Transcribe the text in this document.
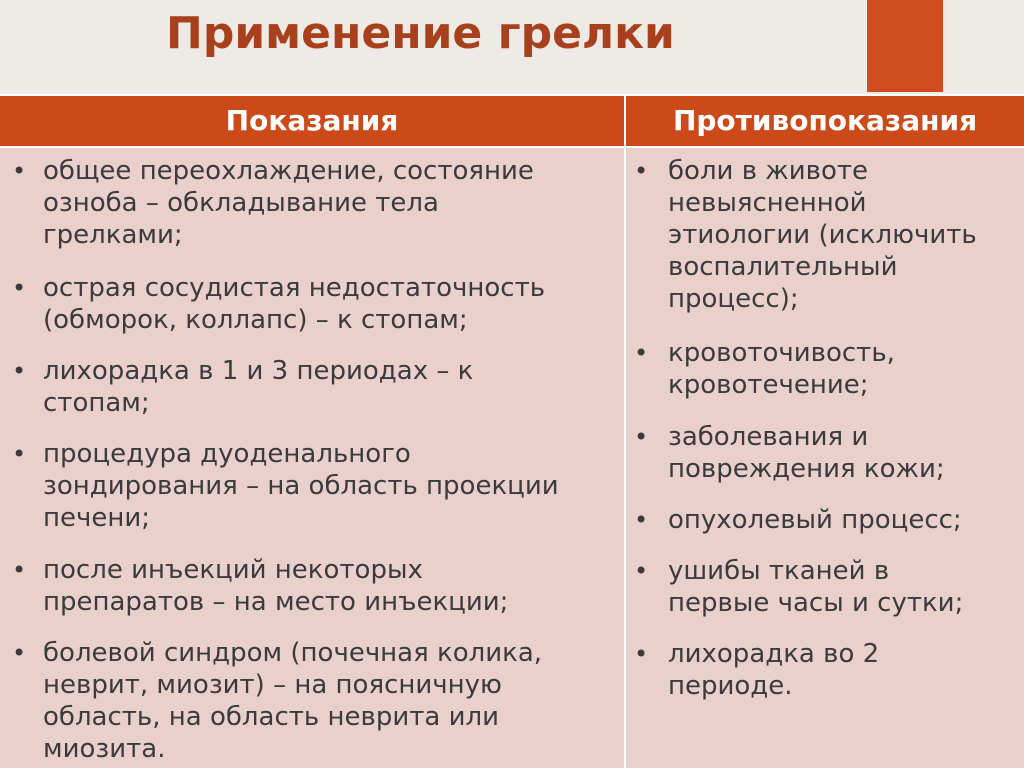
Применение грелки
Показания	Противопоказания
• общее переохлаждение, состояние
озноба – обкладывание тела
грелками;
• острая сосудистая недостаточность
(обморок, коллапс) – к стопам;
• лихорадка в 1 и 3 периодах – к
стопам;
• процедура дуоденального
зондирования – на область проекции
печени;
• после инъекций некоторых
препаратов – на место инъекции;
• болевой синдром (почечная колика,
неврит, миозит) – на поясничную
область, на область неврита или
миозита.
• боли в животе
невыясненной
этиологии (исключить
воспалительный
процесс);
• кровоточивость,
кровотечение;
• заболевания и
повреждения кожи;
• опухолевый процесс;
• ушибы тканей в
первые часы и сутки;
• лихорадка во 2
периоде.
